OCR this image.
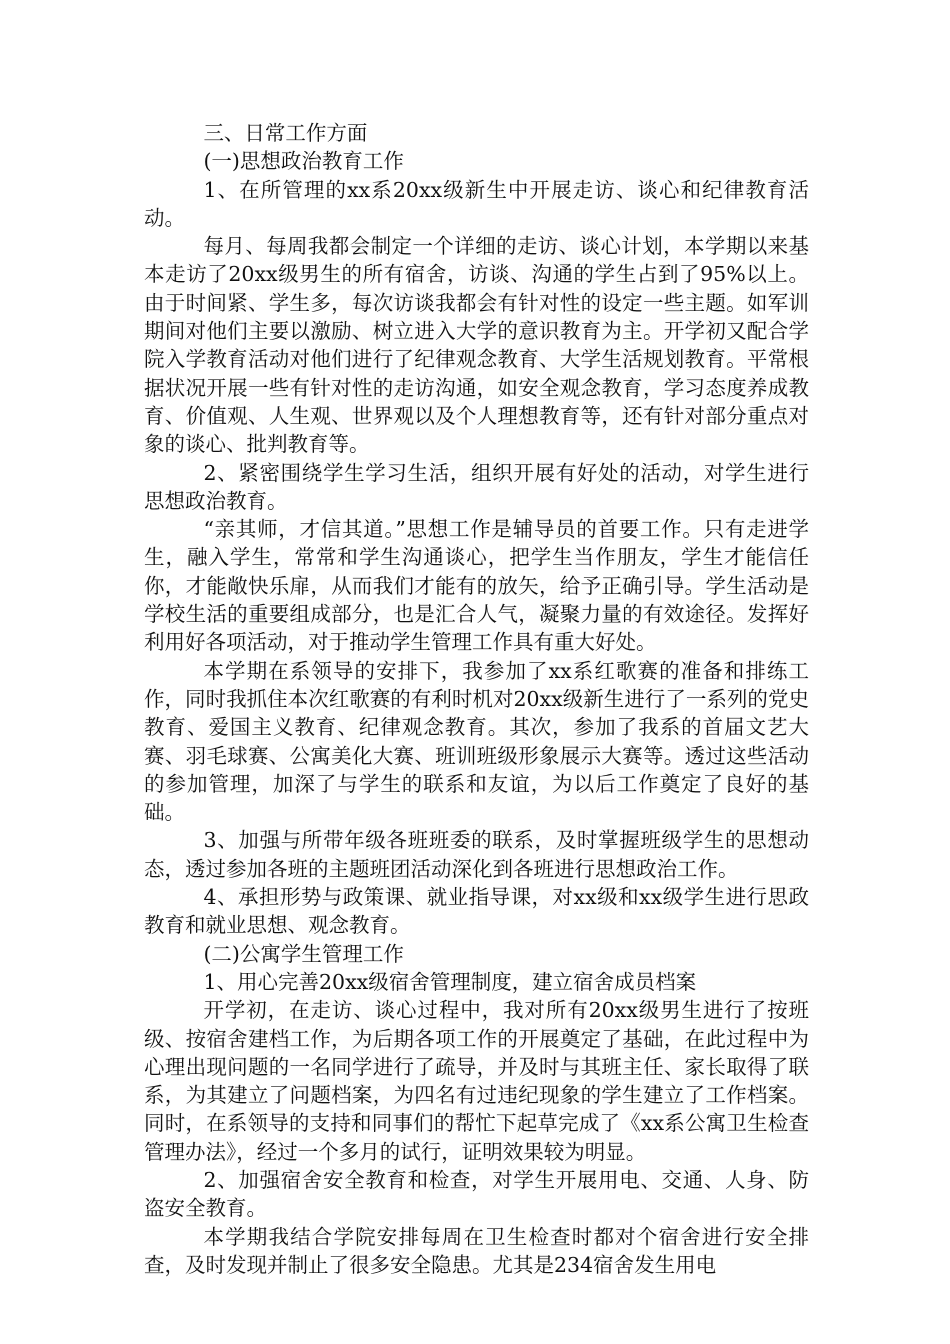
三、日常工作方面

(一)思想政治教育工作

1、在所管理的xx系20xx级新生中开展走访、谈心和纪律教育活动。

每月、每周我都会制定一个详细的走访、谈心计划，本学期以来基本走访了20xx级男生的所有宿舍，访谈、沟通的学生占到了95%以上。由于时间紧、学生多，每次访谈我都会有针对性的设定一些主题。如军训期间对他们主要以激励、树立进入大学的意识教育为主。开学初又配合学院入学教育活动对他们进行了纪律观念教育、大学生活规划教育。平常根据状况开展一些有针对性的走访沟通，如安全观念教育，学习态度养成教育、价值观、人生观、世界观以及个人理想教育等，还有针对部分重点对象的谈心、批判教育等。

2、紧密围绕学生学习生活，组织开展有好处的活动，对学生进行思想政治教育。

“亲其师，才信其道。”思想工作是辅导员的首要工作。只有走进学生，融入学生，常常和学生沟通谈心，把学生当作朋友，学生才能信任你，才能敞快乐扉，从而我们才能有的放矢，给予正确引导。学生活动是学校生活的重要组成部分，也是汇合人气，凝聚力量的有效途径。发挥好利用好各项活动，对于推动学生管理工作具有重大好处。

本学期在系领导的安排下，我参加了xx系红歌赛的准备和排练工作，同时我抓住本次红歌赛的有利时机对20xx级新生进行了一系列的党史教育、爱国主义教育、纪律观念教育。其次，参加了我系的首届文艺大赛、羽毛球赛、公寓美化大赛、班训班级形象展示大赛等。透过这些活动的参加管理，加深了与学生的联系和友谊，为以后工作奠定了良好的基础。

3、加强与所带年级各班班委的联系，及时掌握班级学生的思想动态，透过参加各班的主题班团活动深化到各班进行思想政治工作。

4、承担形势与政策课、就业指导课，对xx级和xx级学生进行思政教育和就业思想、观念教育。

(二)公寓学生管理工作

1、用心完善20xx级宿舍管理制度，建立宿舍成员档案

开学初，在走访、谈心过程中，我对所有20xx级男生进行了按班级、按宿舍建档工作，为后期各项工作的开展奠定了基础，在此过程中为心理出现问题的一名同学进行了疏导，并及时与其班主任、家长取得了联系，为其建立了问题档案，为四名有过违纪现象的学生建立了工作档案。同时，在系领导的支持和同事们的帮忙下起草完成了《xx系公寓卫生检查管理办法》，经过一个多月的试行，证明效果较为明显。

2、加强宿舍安全教育和检查，对学生开展用电、交通、人身、防盗安全教育。

本学期我结合学院安排每周在卫生检查时都对个宿舍进行安全排查，及时发现并制止了很多安全隐患。尤其是234宿舍发生用电
